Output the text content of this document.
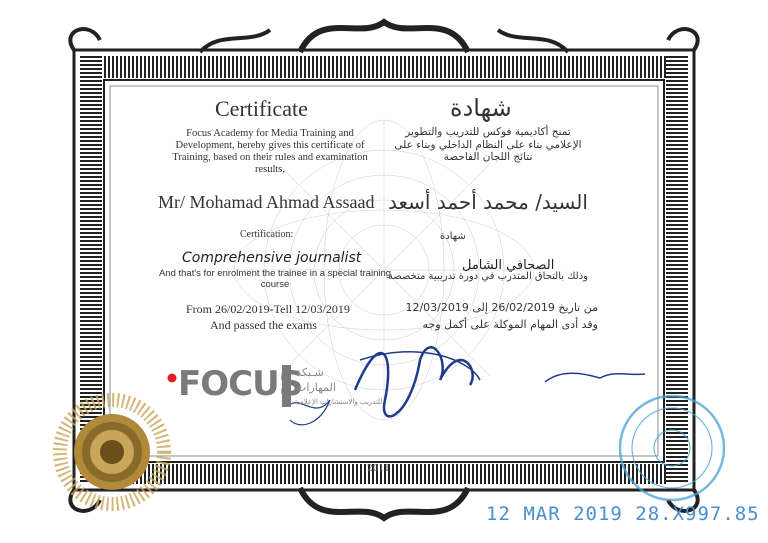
Certificate
Focus Academy for Media Training and Development, hereby gives this certificate of Training, based on their rules and examination results,
Mr/ Mohamad Ahmad Assaad
Certification:
Comprehensive journalist
And that's for enrolment the trainee in a special training course
From 26/02/2019-Tell 12/03/2019
And passed the exams
شهادة
تمنح أكاديمية فوكس للتدريب والتطوير الإعلامي بناء على النظام الداخلي وبناء على نتائج اللجان الفاحصة
السيد/ محمد أحمد أسعد
شهادة
الصحافي الشامل
وذلك بالتحاق المتدرب في دورة تدريبية متخصصة
من تاريخ 26/02/2019 إلى 12/03/2019
وقد أدى المهام الموكلة على أكمل وجه
FOCUS
شـبكة
المهارات
للتدريب والاستشارات الإعلامية
2011
12 MAR 2019 28.X997.85
